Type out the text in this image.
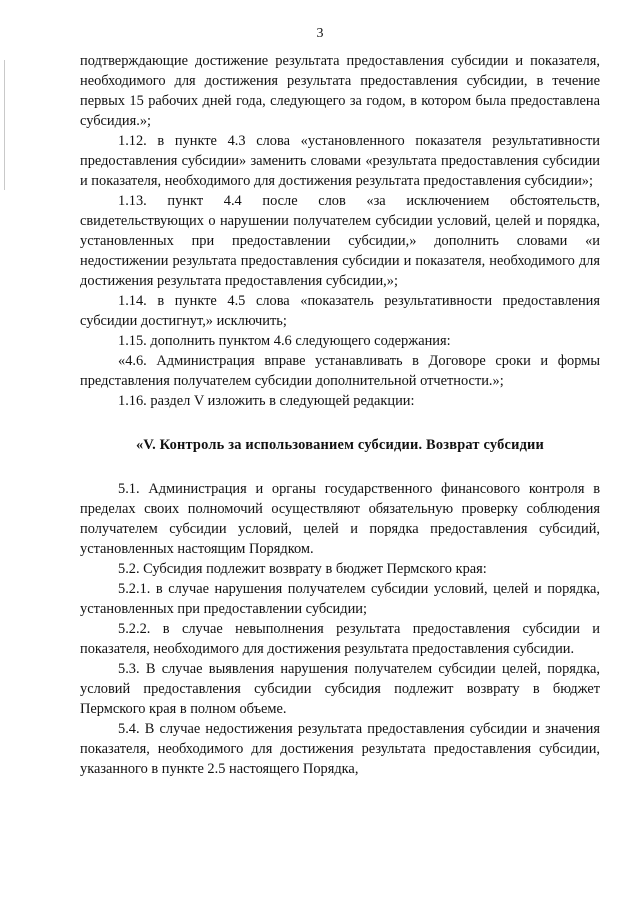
3

подтверждающие достижение результата предоставления субсидии и показателя, необходимого для достижения результата предоставления субсидии, в течение первых 15 рабочих дней года, следующего за годом, в котором была предоставлена субсидия.»;

1.12. в пункте 4.3 слова «установленного показателя результативности предоставления субсидии» заменить словами «результата предоставления субсидии и показателя, необходимого для достижения результата предоставления субсидии»;

1.13. пункт 4.4 после слов «за исключением обстоятельств, свидетельствующих о нарушении получателем субсидии условий, целей и порядка, установленных при предоставлении субсидии,» дополнить словами «и недостижении результата предоставления субсидии и показателя, необходимого для достижения результата предоставления субсидии,»;

1.14. в пункте 4.5 слова «показатель результативности предоставления субсидии достигнут,» исключить;

1.15. дополнить пунктом 4.6 следующего содержания:

«4.6. Администрация вправе устанавливать в Договоре сроки и формы представления получателем субсидии дополнительной отчетности.»;

1.16. раздел V изложить в следующей редакции:

«V. Контроль за использованием субсидии. Возврат субсидии

5.1. Администрация и органы государственного финансового контроля в пределах своих полномочий осуществляют обязательную проверку соблюдения получателем субсидии условий, целей и порядка предоставления субсидий, установленных настоящим Порядком.

5.2. Субсидия подлежит возврату в бюджет Пермского края:

5.2.1. в случае нарушения получателем субсидии условий, целей и порядка, установленных при предоставлении субсидии;

5.2.2. в случае невыполнения результата предоставления субсидии и показателя, необходимого для достижения результата предоставления субсидии.

5.3. В случае выявления нарушения получателем субсидии целей, порядка, условий предоставления субсидии субсидия подлежит возврату в бюджет Пермского края в полном объеме.

5.4. В случае недостижения результата предоставления субсидии и значения показателя, необходимого для достижения результата предоставления субсидии, указанного в пункте 2.5 настоящего Порядка,
